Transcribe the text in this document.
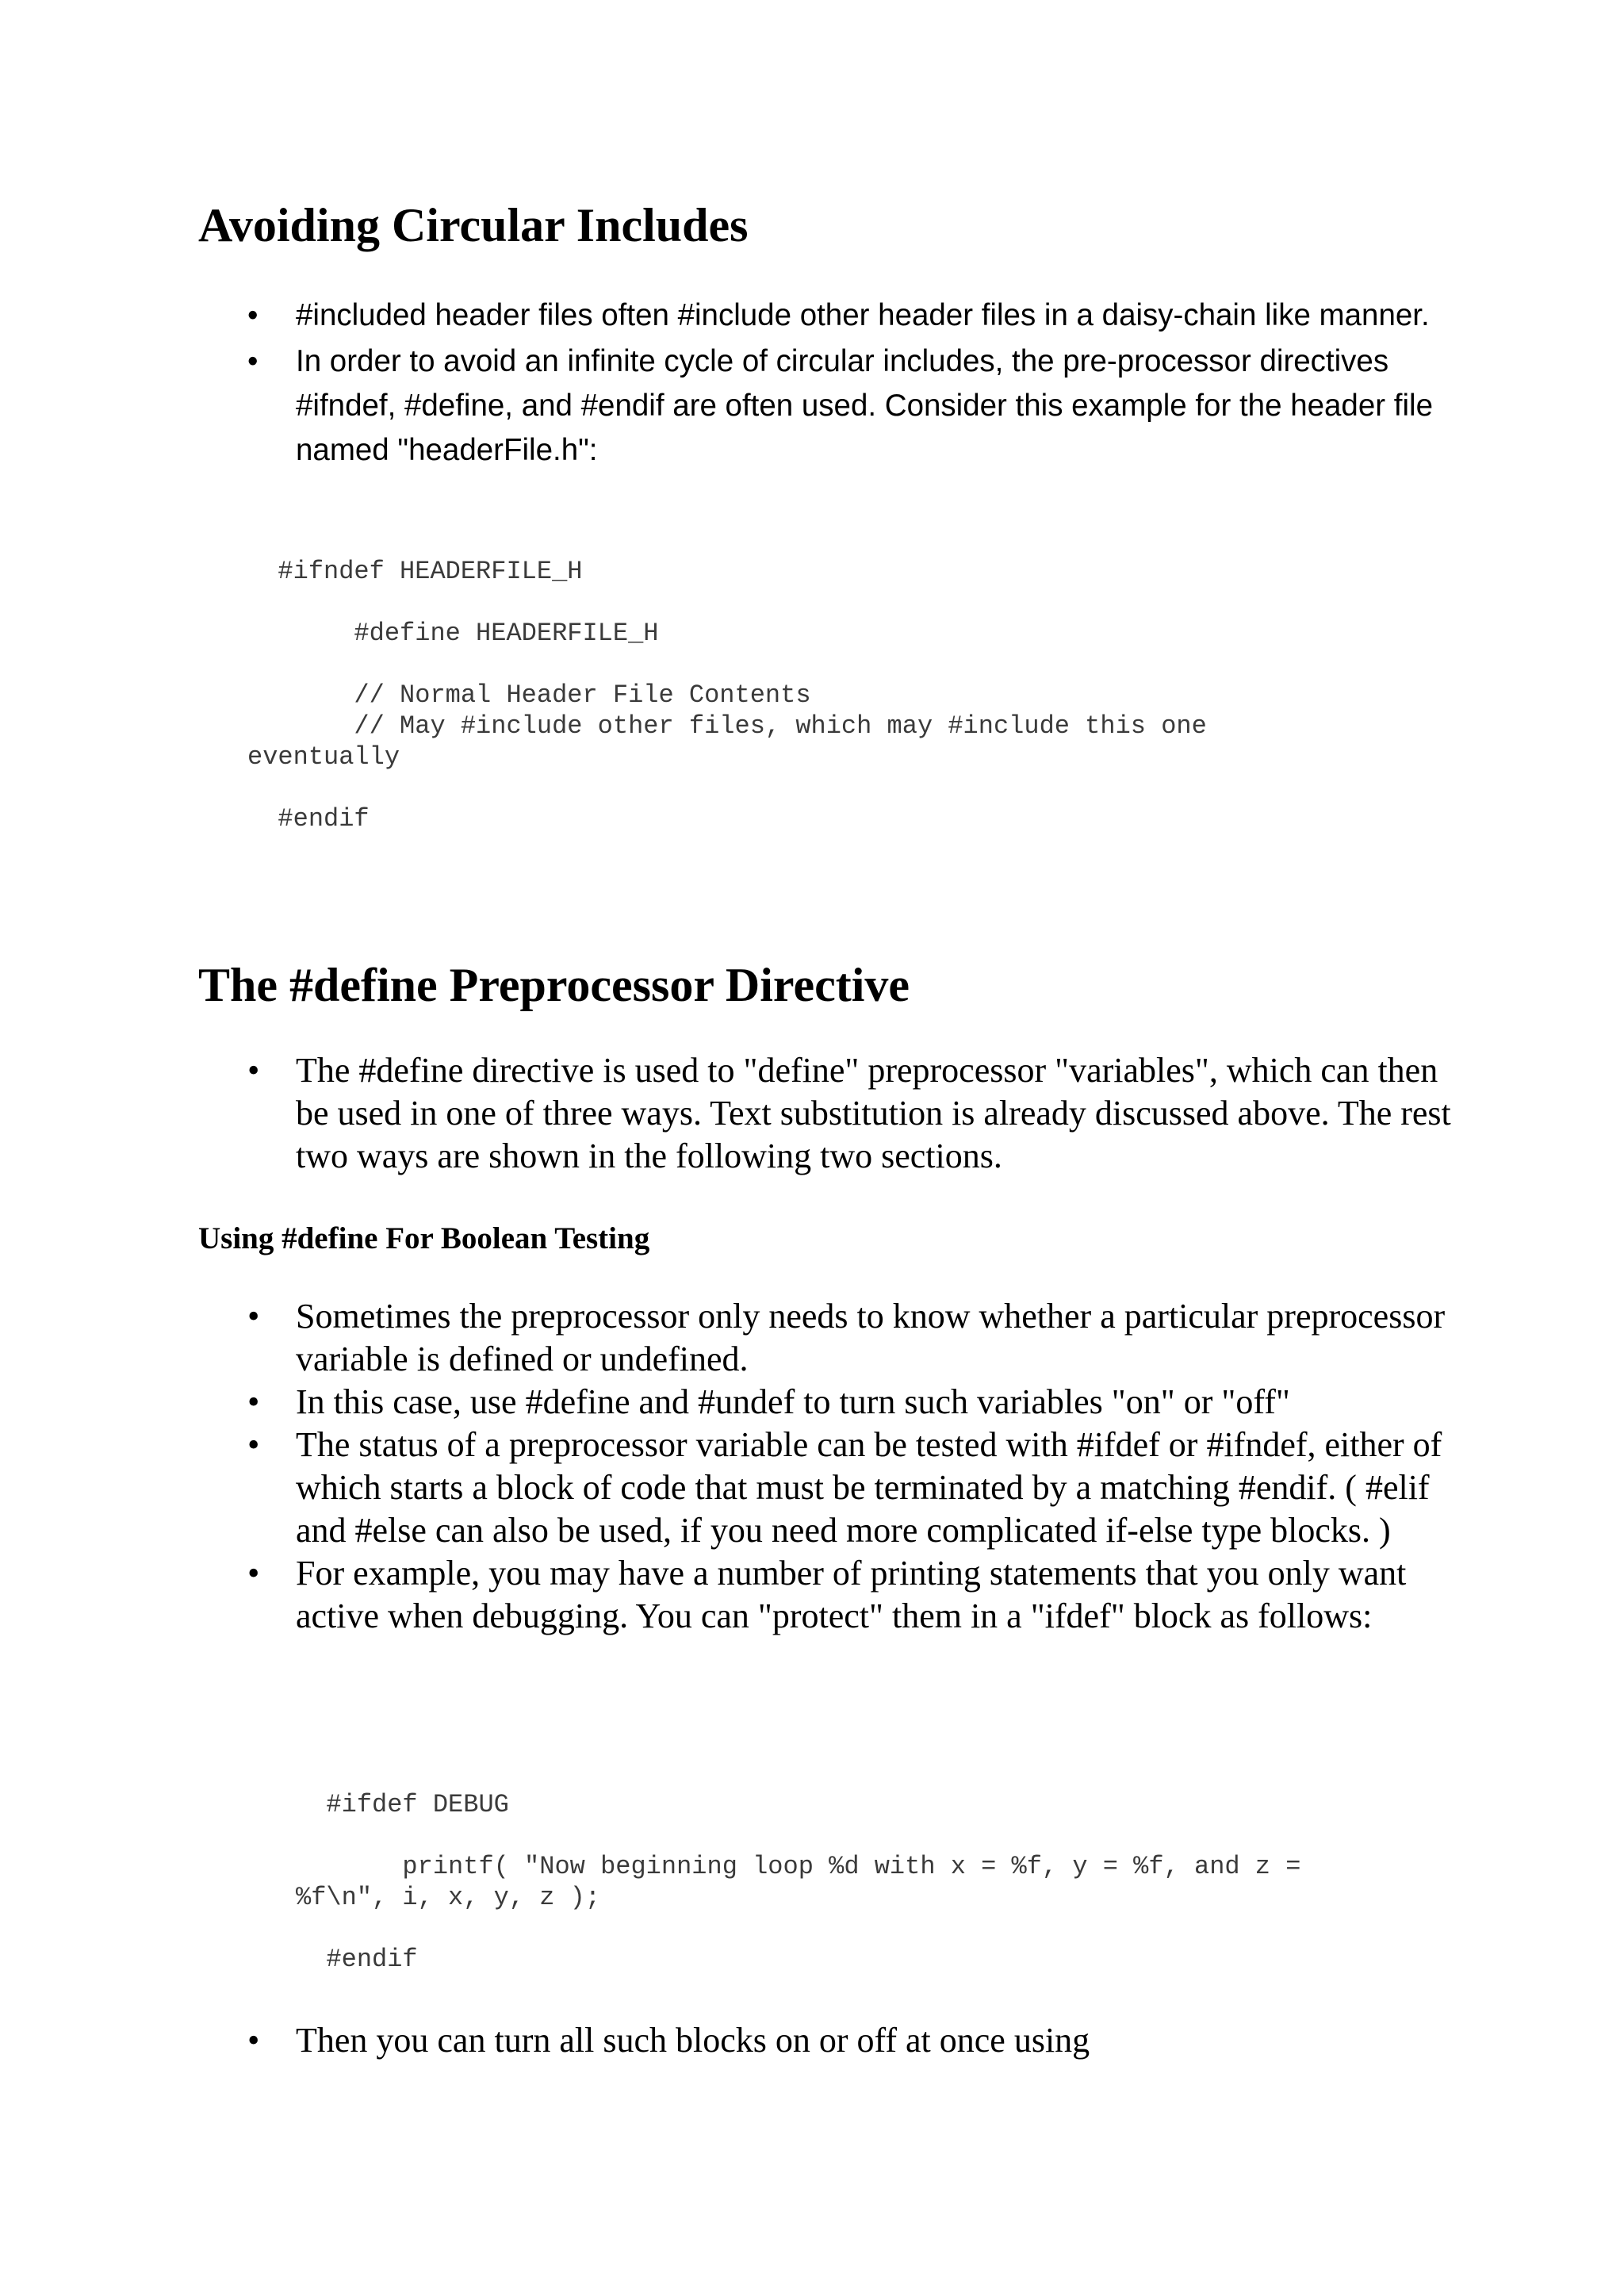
Avoiding Circular Includes
• #included header files often #include other header files in a daisy-chain like manner.
• In order to avoid an infinite cycle of circular includes, the pre-processor directives #ifndef, #define, and #endif are often used. Consider this example for the header file named "headerFile.h":
#ifndef HEADERFILE_H

#define HEADERFILE_H

// Normal Header File Contents
// May #include other files, which may #include this one
eventually

#endif
The #define Preprocessor Directive
• The #define directive is used to "define" preprocessor "variables", which can then be used in one of three ways. Text substitution is already discussed above. The rest two ways are shown in the following two sections.
Using #define For Boolean Testing
• Sometimes the preprocessor only needs to know whether a particular preprocessor variable is defined or undefined.
• In this case, use #define and #undef to turn such variables "on" or "off"
• The status of a preprocessor variable can be tested with #ifdef or #ifndef, either of which starts a block of code that must be terminated by a matching #endif. ( #elif and #else can also be used, if you need more complicated if-else type blocks. )
• For example, you may have a number of printing statements that you only want active when debugging. You can "protect" them in a "ifdef" block as follows:
#ifdef DEBUG

printf( "Now beginning loop %d with x = %f, y = %f, and z =
%f\n", i, x, y, z );

#endif
• Then you can turn all such blocks on or off at once using
